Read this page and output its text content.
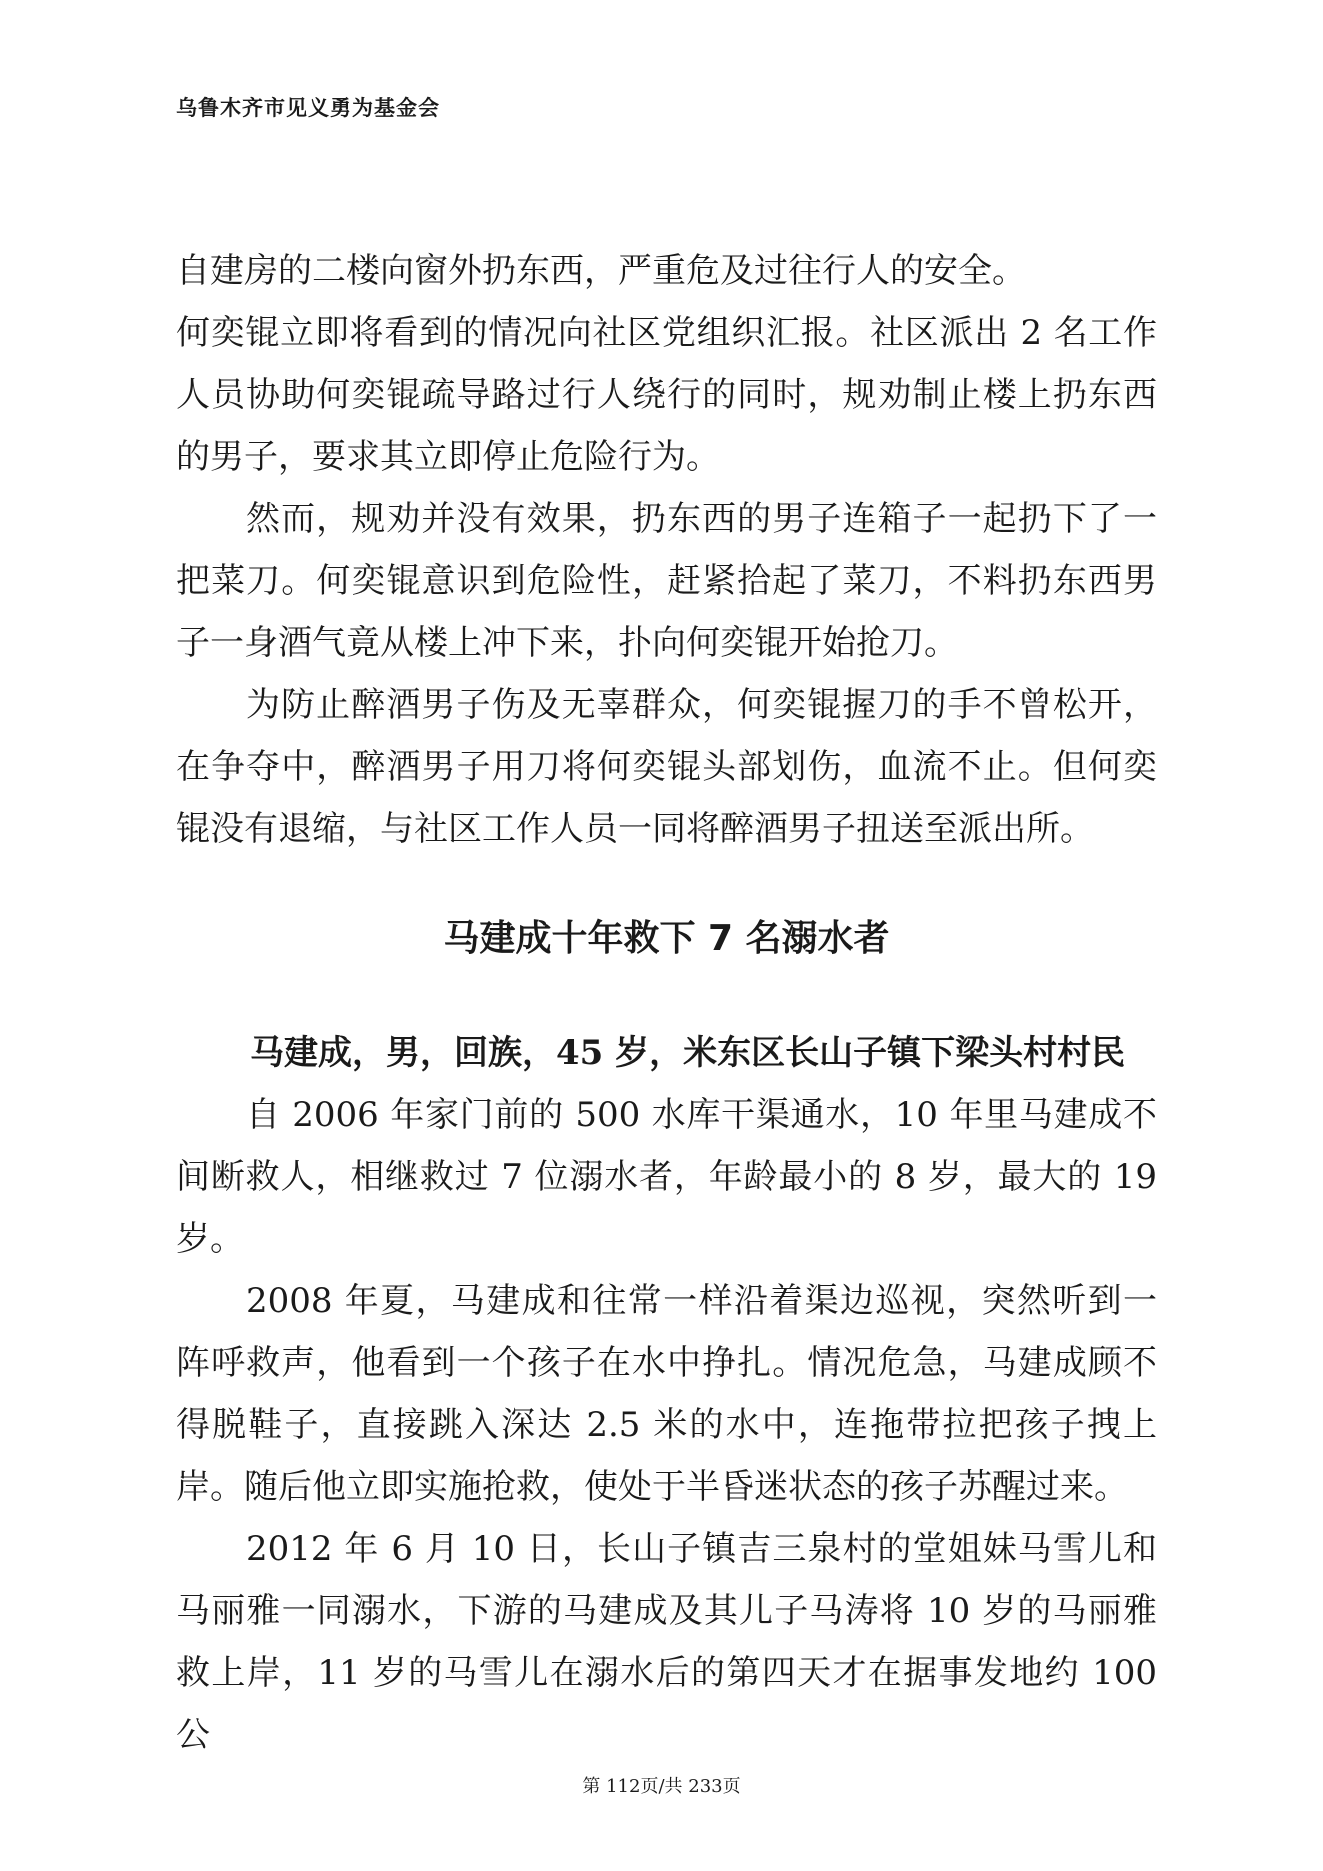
乌鲁木齐市见义勇为基金会

自建房的二楼向窗外扔东西，严重危及过往行人的安全。

何奕锟立即将看到的情况向社区党组织汇报。社区派出 2 名工作人员协助何奕锟疏导路过行人绕行的同时，规劝制止楼上扔东西的男子，要求其立即停止危险行为。

然而，规劝并没有效果，扔东西的男子连箱子一起扔下了一把菜刀。何奕锟意识到危险性，赶紧拾起了菜刀，不料扔东西男子一身酒气竟从楼上冲下来，扑向何奕锟开始抢刀。

为防止醉酒男子伤及无辜群众，何奕锟握刀的手不曾松开，在争夺中，醉酒男子用刀将何奕锟头部划伤，血流不止。但何奕锟没有退缩，与社区工作人员一同将醉酒男子扭送至派出所。

马建成十年救下 7 名溺水者

马建成，男，回族，45 岁，米东区长山子镇下梁头村村民

自 2006 年家门前的 500 水库干渠通水，10 年里马建成不间断救人，相继救过 7 位溺水者，年龄最小的 8 岁，最大的 19 岁。

2008 年夏，马建成和往常一样沿着渠边巡视，突然听到一阵呼救声，他看到一个孩子在水中挣扎。情况危急，马建成顾不得脱鞋子，直接跳入深达 2.5 米的水中，连拖带拉把孩子拽上岸。随后他立即实施抢救，使处于半昏迷状态的孩子苏醒过来。

2012 年 6 月 10 日，长山子镇吉三泉村的堂姐妹马雪儿和马丽雅一同溺水，下游的马建成及其儿子马涛将 10 岁的马丽雅救上岸，11 岁的马雪儿在溺水后的第四天才在据事发地约 100 公

第 112页/共 233页
